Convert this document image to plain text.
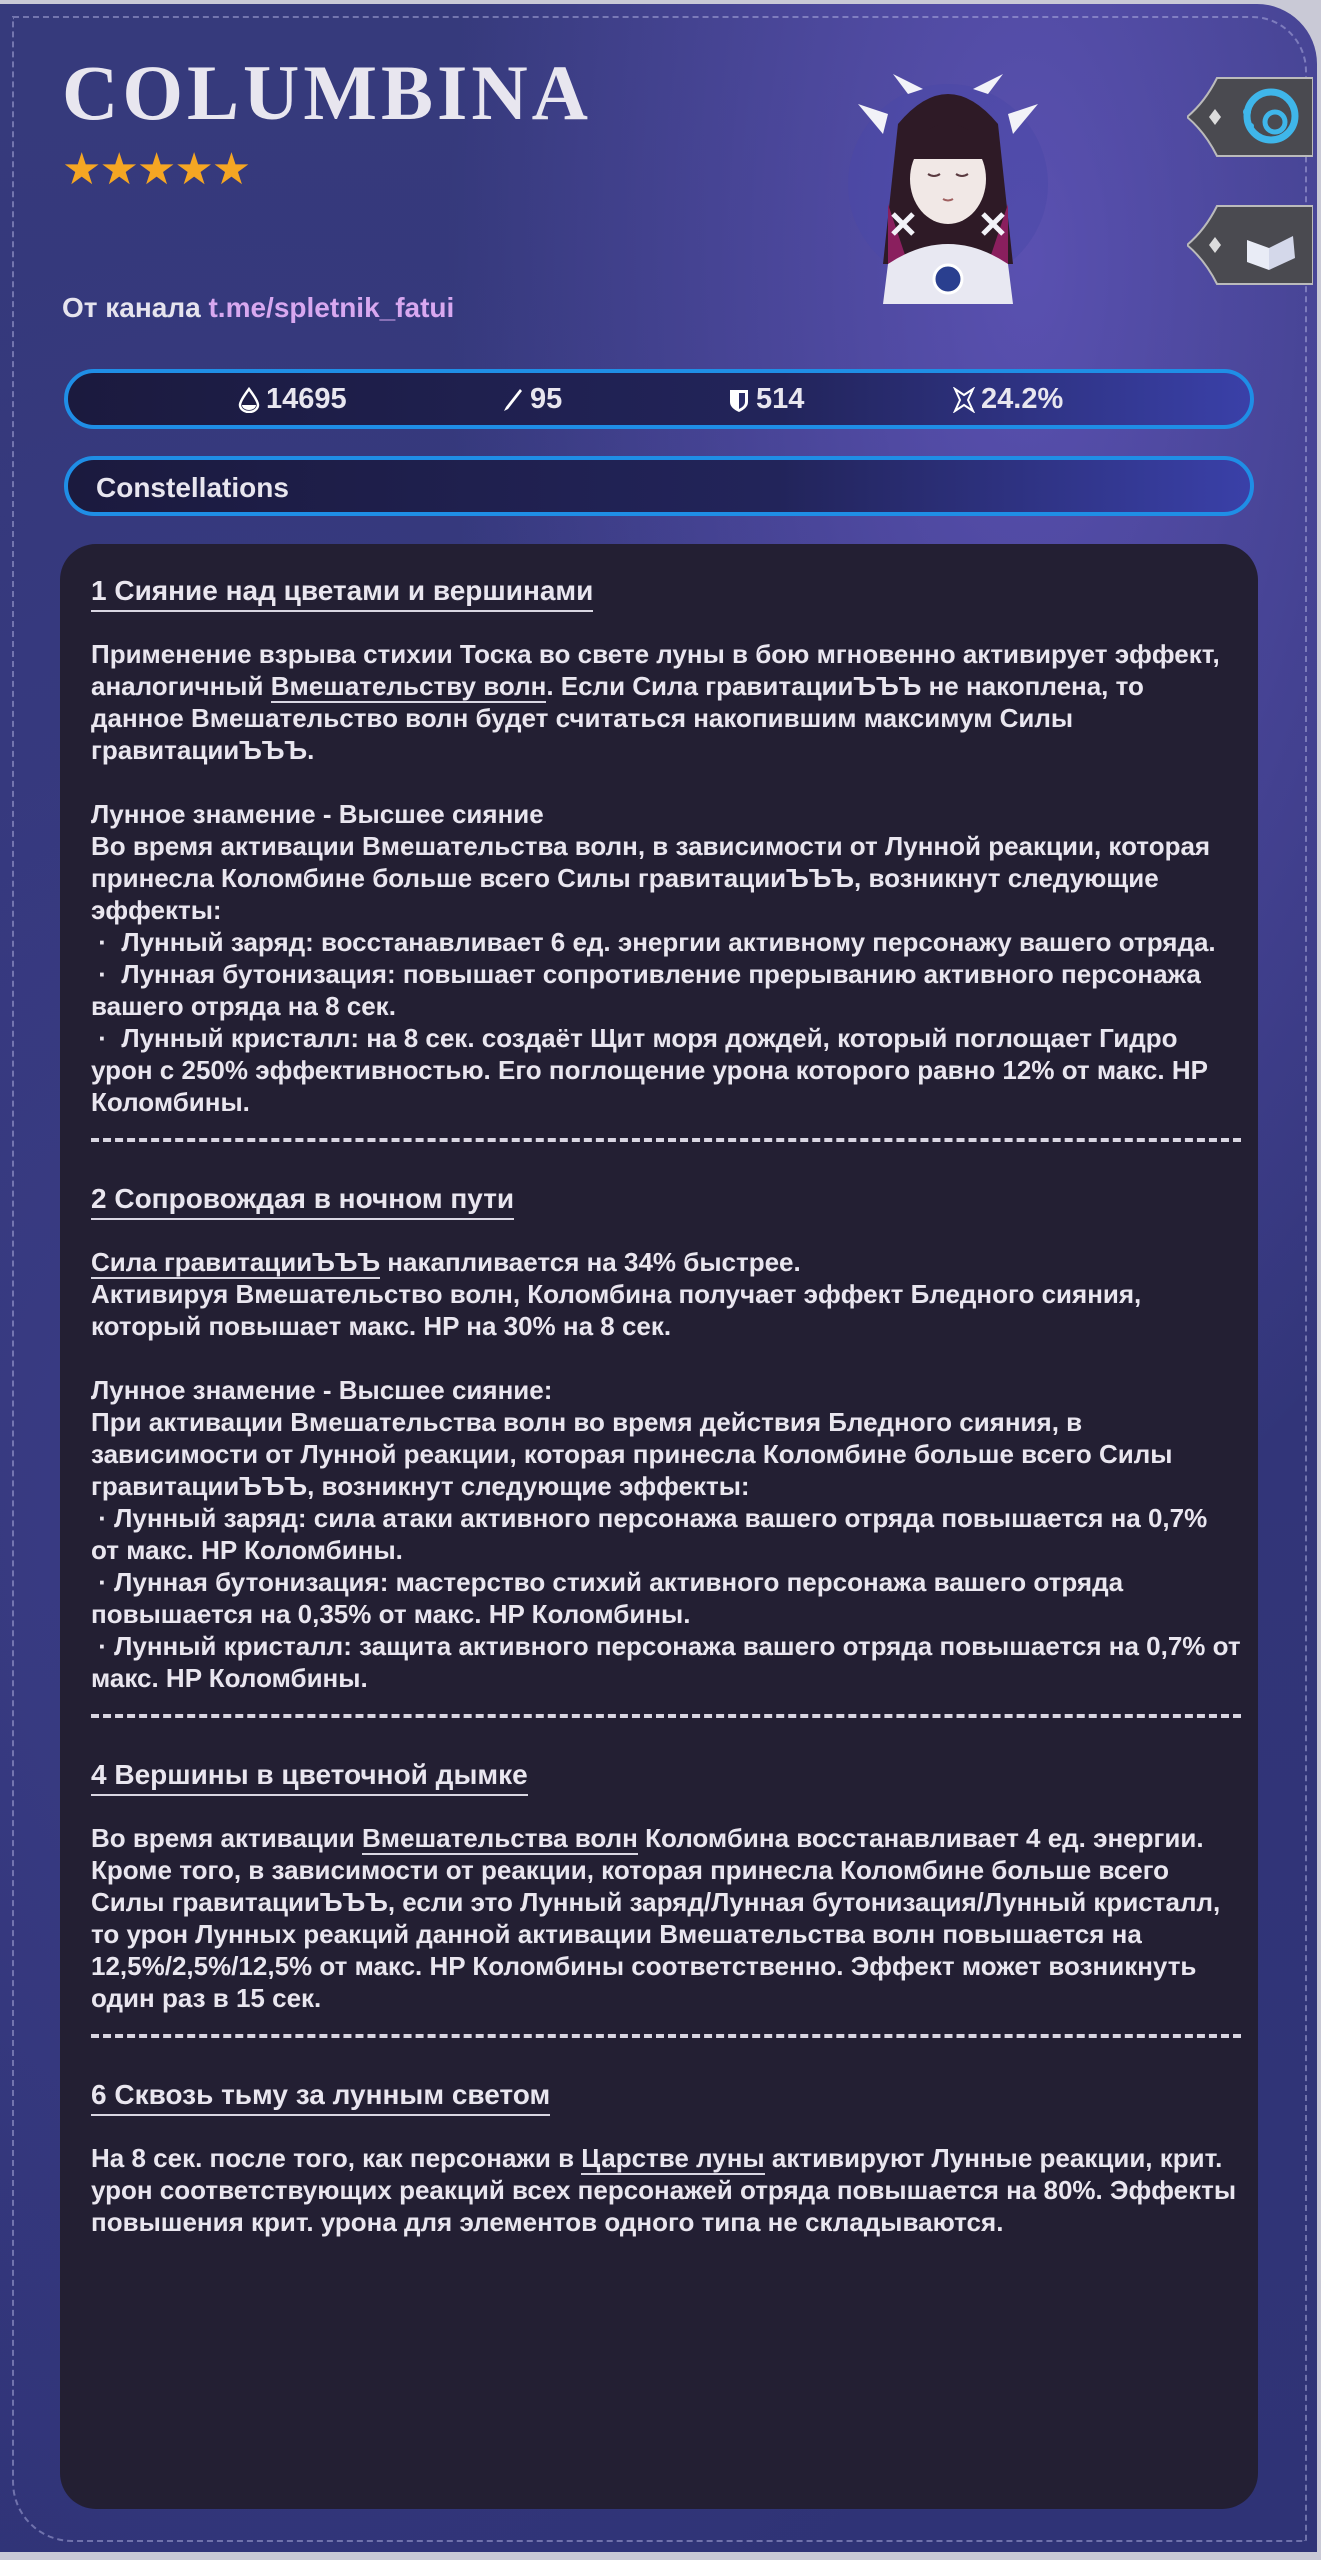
COLUMBINA
★★★★★
От канала t.me/spletnik_fatui
14695	95	514	24.2%
Constellations
1 Сияние над цветами и вершинами

Применение взрыва стихии Тоска во свете луны в бою мгновенно активирует эффект, аналогичный Вмешательству волн. Если Сила гравитацииЪЪЪ не накоплена, то данное Вмешательство волн будет считаться накопившим максимум Силы гравитацииЪЪЪ.

Лунное знамение - Высшее сияние
Во время активации Вмешательства волн, в зависимости от Лунной реакции, которая принесла Коломбине больше всего Силы гравитацииЪЪЪ, возникнут следующие эффекты:
·  Лунный заряд: восстанавливает 6 ед. энергии активному персонажу вашего отряда.
·  Лунная бутонизация: повышает сопротивление прерыванию активного персонажа вашего отряда на 8 сек.
·  Лунный кристалл: на 8 сек. создаёт Щит моря дождей, который поглощает Гидро урон с 250% эффективностью. Его поглощение урона которого равно 12% от макс. HP Коломбины.

2 Сопровождая в ночном пути

Сила гравитацииЪЪЪ накапливается на 34% быстрее.
Активируя Вмешательство волн, Коломбина получает эффект Бледного сияния, который повышает макс. HP на 30% на 8 сек.

Лунное знамение - Высшее сияние:
При активации Вмешательства волн во время действия Бледного сияния, в зависимости от Лунной реакции, которая принесла Коломбине больше всего Силы гравитацииЪЪЪ, возникнут следующие эффекты:
· Лунный заряд: сила атаки активного персонажа вашего отряда повышается на 0,7% от макс. HP Коломбины.
· Лунная бутонизация: мастерство стихий активного персонажа вашего отряда повышается на 0,35% от макс. HP Коломбины.
· Лунный кристалл: защита активного персонажа вашего отряда повышается на 0,7% от макс. HP Коломбины.

4 Вершины в цветочной дымке

Во время активации Вмешательства волн Коломбина восстанавливает 4 ед. энергии.
Кроме того, в зависимости от реакции, которая принесла Коломбине больше всего Силы гравитацииЪЪЪ, если это Лунный заряд/Лунная бутонизация/Лунный кристалл, то урон Лунных реакций данной активации Вмешательства волн повышается на 12,5%/2,5%/12,5% от макс. HP Коломбины соответственно. Эффект может возникнуть один раз в 15 сек.

6 Сквозь тьму за лунным светом

На 8 сек. после того, как персонажи в Царстве луны активируют Лунные реакции, крит. урон соответствующих реакций всех персонажей отряда повышается на 80%. Эффекты повышения крит. урона для элементов одного типа не складываются.
